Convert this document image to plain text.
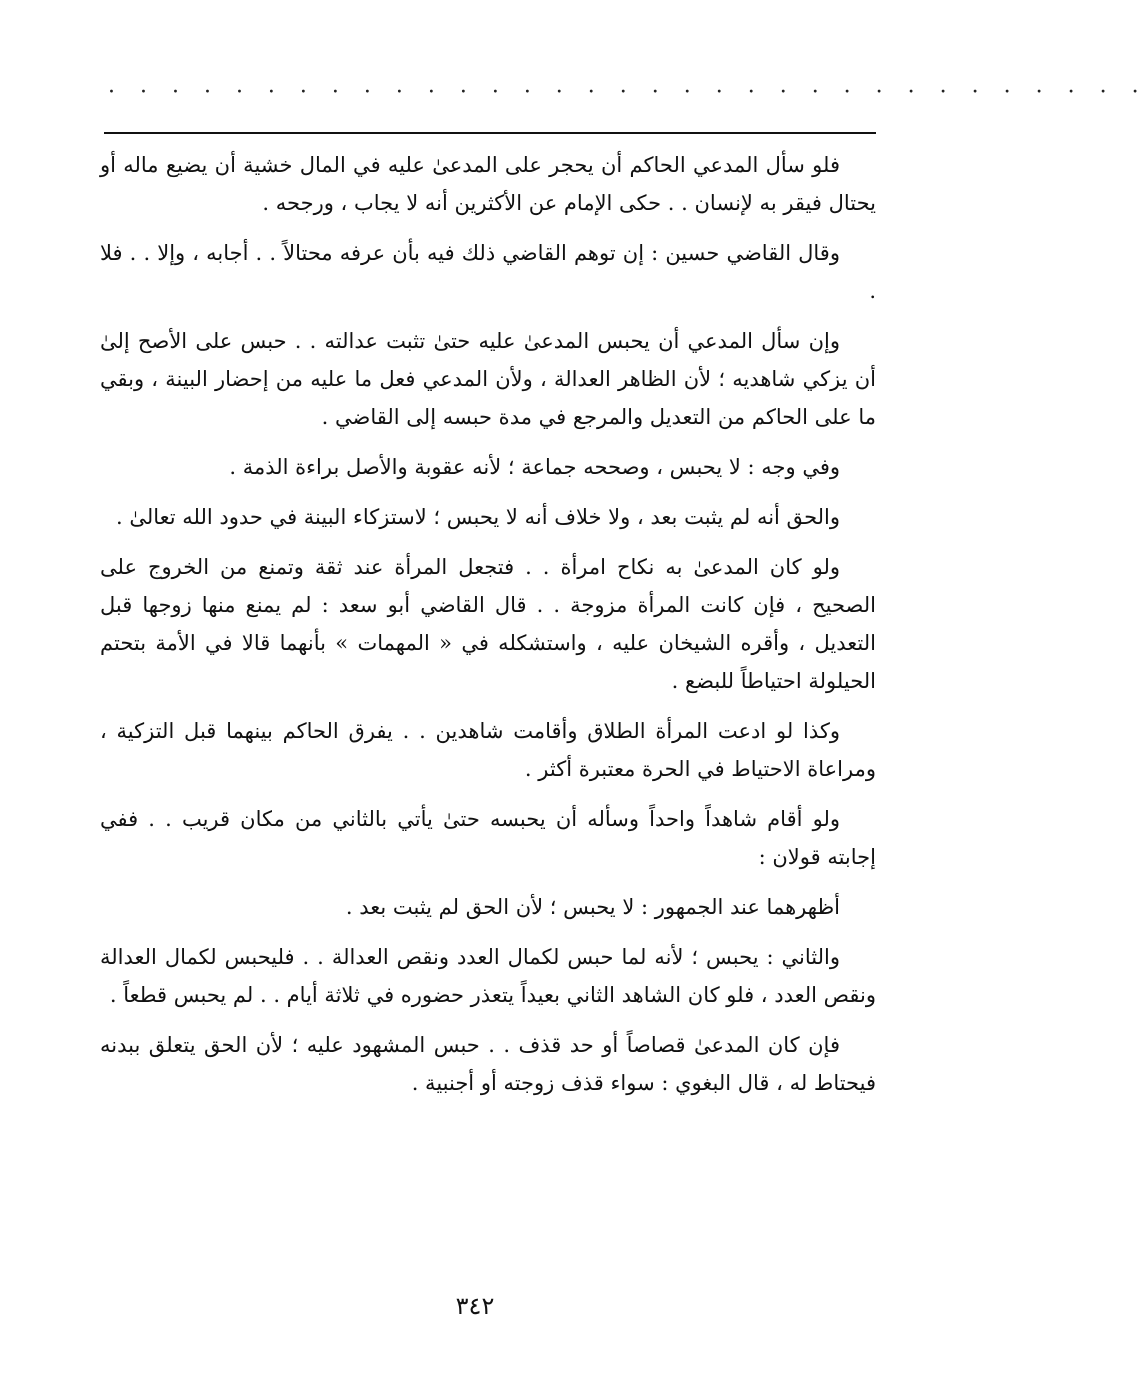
· · · · · · · · · · · · · · · · · · · · · · · · · · · · · · · · ·

فلو سأل المدعي الحاكم أن يحجر على المدعىٰ عليه في المال خشية أن يضيع ماله أو يحتال فيقر به لإنسان . . حكى الإمام عن الأكثرين أنه لا يجاب ، ورجحه .

وقال القاضي حسين : إن توهم القاضي ذلك فيه بأن عرفه محتالاً . . أجابه ، وإلا . . فلا .

وإن سأل المدعي أن يحبس المدعىٰ عليه حتىٰ تثبت عدالته . . حبس على الأصح إلىٰ أن يزكي شاهديه ؛ لأن الظاهر العدالة ، ولأن المدعي فعل ما عليه من إحضار البينة ، وبقي ما على الحاكم من التعديل والمرجع في مدة حبسه إلى القاضي .

وفي وجه : لا يحبس ، وصححه جماعة ؛ لأنه عقوبة والأصل براءة الذمة .

والحق أنه لم يثبت بعد ، ولا خلاف أنه لا يحبس ؛ لاستزكاء البينة في حدود الله تعالىٰ .

ولو كان المدعىٰ به نكاح امرأة . . فتجعل المرأة عند ثقة وتمنع من الخروج على الصحيح ، فإن كانت المرأة مزوجة . . قال القاضي أبو سعد : لم يمنع منها زوجها قبل التعديل ، وأقره الشيخان عليه ، واستشكله في « المهمات » بأنهما قالا في الأمة بتحتم الحيلولة احتياطاً للبضع .

وكذا لو ادعت المرأة الطلاق وأقامت شاهدين . . يفرق الحاكم بينهما قبل التزكية ، ومراعاة الاحتياط في الحرة معتبرة أكثر .

ولو أقام شاهداً واحداً وسأله أن يحبسه حتىٰ يأتي بالثاني من مكان قريب . . ففي إجابته قولان :

أظهرهما عند الجمهور : لا يحبس ؛ لأن الحق لم يثبت بعد .

والثاني : يحبس ؛ لأنه لما حبس لكمال العدد ونقص العدالة . . فليحبس لكمال العدالة ونقص العدد ، فلو كان الشاهد الثاني بعيداً يتعذر حضوره في ثلاثة أيام . . لم يحبس قطعاً .

فإن كان المدعىٰ قصاصاً أو حد قذف . . حبس المشهود عليه ؛ لأن الحق يتعلق ببدنه فيحتاط له ، قال البغوي : سواء قذف زوجته أو أجنبية .

٣٤٢
